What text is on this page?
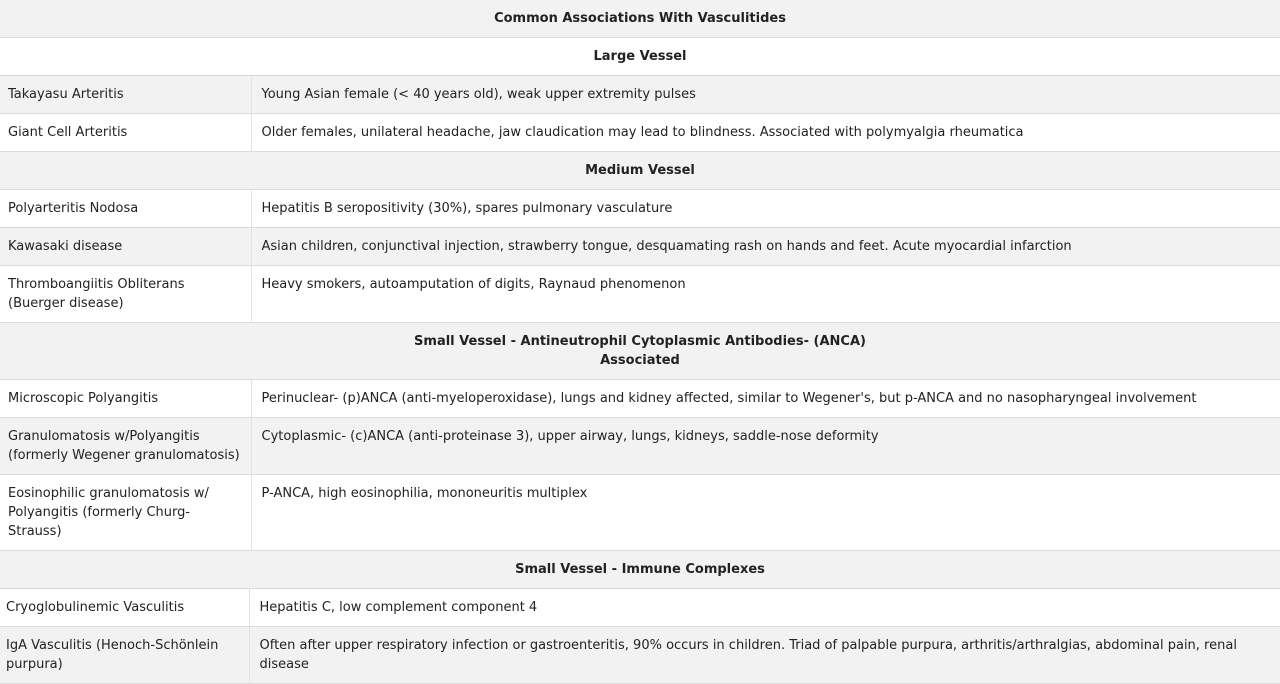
Common Associations With Vasculitides	
Large Vessel	
Takayasu Arteritis	Young Asian female (< 40 years old), weak upper extremity pulses
Giant Cell Arteritis	Older females, unilateral headache, jaw claudication may lead to blindness. Associated with polymyalgia rheumatica
Medium Vessel	
Polyarteritis Nodosa	Hepatitis B seropositivity (30%), spares pulmonary vasculature
Kawasaki disease	Asian children, conjunctival injection, strawberry tongue, desquamating rash on hands and feet. Acute myocardial infarction
Thromboangiitis Obliterans (Buerger disease)	Heavy smokers, autoamputation of digits, Raynaud phenomenon

Small Vessel - Antineutrophil Cytoplasmic Antibodies- (ANCA)
Associated	

Microscopic Polyangitis	Perinuclear- (p)ANCA (anti-myeloperoxidase), lungs and kidney affected, similar to Wegener's, but p-ANCA and no nasopharyngeal involvement
Granulomatosis w/Polyangitis (formerly Wegener granulomatosis)	Cytoplasmic- (c)ANCA (anti-proteinase 3), upper airway, lungs, kidneys, saddle-nose deformity
Eosinophilic granulomatosis w/ Polyangitis (formerly Churg-Strauss)	P-ANCA, high eosinophilia, mononeuritis multiplex
Small Vessel - Immune Complexes	
Cryoglobulinemic Vasculitis	Hepatitis C, low complement component 4
IgA Vasculitis (Henoch-Schönlein purpura)	Often after upper respiratory infection or gastroenteritis, 90% occurs in children. Triad of palpable purpura, arthritis/arthralgias, abdominal pain, renal disease
